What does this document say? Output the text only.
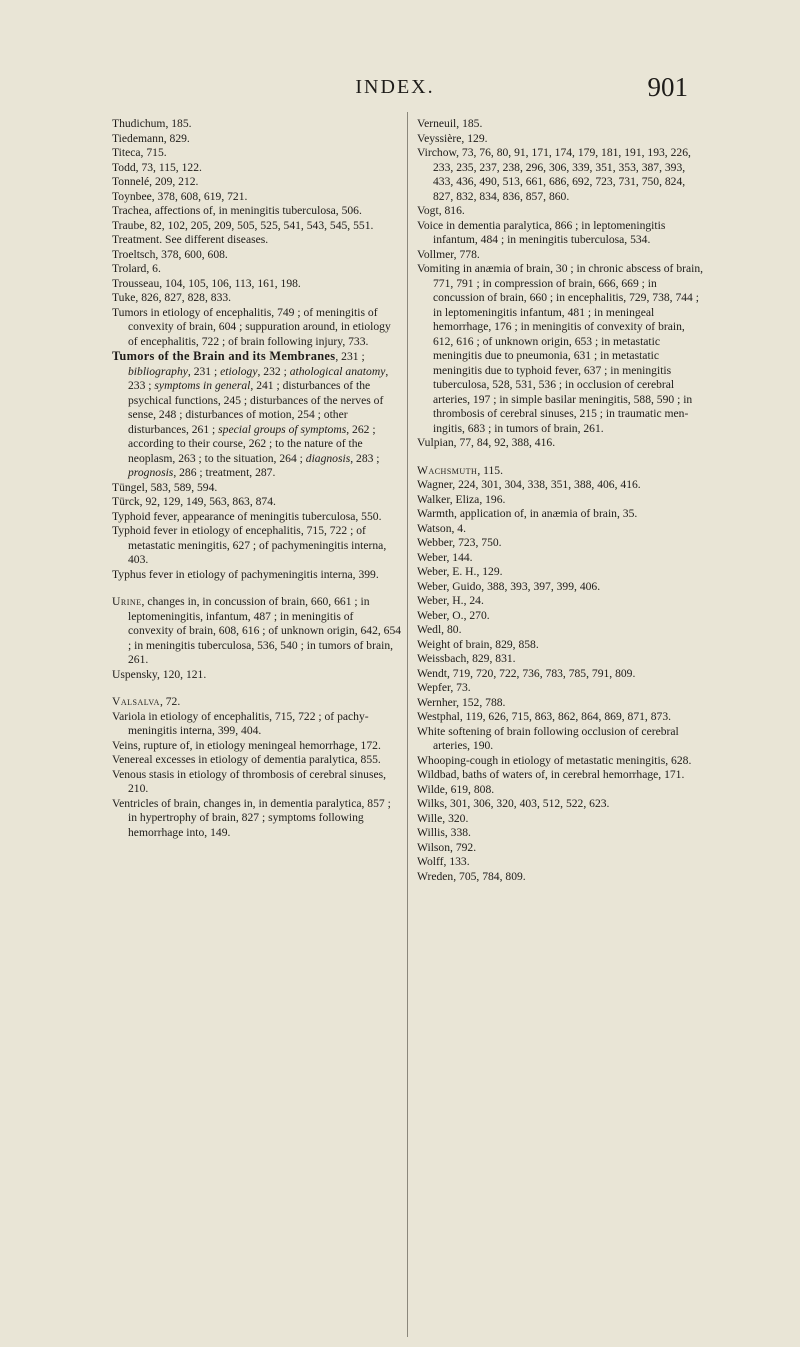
INDEX.	901
Thudichum, 185.
Tiedemann, 829.
Titeca, 715.
Todd, 73, 115, 122.
Tonnelé, 209, 212.
Toynbee, 378, 608, 619, 721.
Trachea, affections of, in meningitis tuberculosa, 506.
Traube, 82, 102, 205, 209, 505, 525, 541, 543, 545, 551.
Treatment. See different diseases.
Troeltsch, 378, 600, 608.
Trolard, 6.
Trousseau, 104, 105, 106, 113, 161, 198.
Tuke, 826, 827, 828, 833.
Tumors in etiology of encephalitis, 749 ; of meningitis of convexity of brain, 604 ; suppuration around, in etiology of encephalitis, 722 ; of brain following injury, 733.
Tumors of the Brain and its Membranes, 231 ; bibliography, 231 ; etiology, 232 ; athological anatomy, 233 ; symptoms in general, 241 ; disturbances of the psychical functions, 245 ; disturbances of the nerves of sense, 248 ; disturbances of motion, 254 ; other disturbances, 261 ; special groups of symptoms, 262 ; according to their course, 262 ; to the nature of the neoplasm, 263 ; to the situation, 264 ; diagnosis, 283 ; prognosis, 286 ; treatment, 287.
Tüngel, 583, 589, 594.
Türck, 92, 129, 149, 563, 863, 874.
Typhoid fever, appearance of meningitis tuberculosa, 550.
Typhoid fever in etiology of encephalitis, 715, 722 ; of metastatic meningitis, 627 ; of pachymeningitis interna, 403.
Typhus fever in etiology of pachymeningitis interna, 399.
Urine, changes in, in concussion of brain, 660, 661 ; in leptomeningitis, infantum, 487 ; in meningitis of convexity of brain, 608, 616 ; of unknown origin, 642, 654 ; in meningitis tuberculosa, 536, 540 ; in tumors of brain, 261.
Uspensky, 120, 121.
Valsalva, 72.
Variola in etiology of encephalitis, 715, 722 ; of pachymeningitis interna, 399, 404.
Veins, rupture of, in etiology meningeal hemorrhage, 172.
Venereal excesses in etiology of dementia paralytica, 855.
Venous stasis in etiology of thrombosis of cerebral sinuses, 210.
Ventricles of brain, changes in, in dementia paralytica, 857 ; in hypertrophy of brain, 827 ; symptoms following hemorrhage into, 149.
Verneuil, 185.
Veyssière, 129.
Virchow, 73, 76, 80, 91, 171, 174, 179, 181, 191, 193, 226, 233, 235, 237, 238, 296, 306, 339, 351, 353, 387, 393, 433, 436, 490, 513, 661, 686, 692, 723, 731, 750, 824, 827, 832, 834, 836, 857, 860.
Vogt, 816.
Voice in dementia paralytica, 866 ; in leptomeningitis infantum, 484 ; in meningitis tuberculosa, 534.
Vollmer, 778.
Vomiting in anæmia of brain, 30 ; in chronic abscess of brain, 771, 791 ; in compression of brain, 666, 669 ; in concussion of brain, 660 ; in encephalitis, 729, 738, 744 ; in leptomeningitis infantum, 481 ; in meningeal hemorrhage, 176 ; in meningitis of convexity of brain, 612, 616 ; of unknown origin, 653 ; in metastatic meningitis due to pneumonia, 631 ; in metastatic meningitis due to typhoid fever, 637 ; in meningitis tuberculosa, 528, 531, 536 ; in occlusion of cerebral arteries, 197 ; in simple basilar meningitis, 588, 590 ; in thrombosis of cerebral sinuses, 215 ; in traumatic meningitis, 683 ; in tumors of brain, 261.
Vulpian, 77, 84, 92, 388, 416.
Wachsmuth, 115.
Wagner, 224, 301, 304, 338, 351, 388, 406, 416.
Walker, Eliza, 196.
Warmth, application of, in anæmia of brain, 35.
Watson, 4.
Webber, 723, 750.
Weber, 144.
Weber, E. H., 129.
Weber, Guido, 388, 393, 397, 399, 406.
Weber, H., 24.
Weber, O., 270.
Wedl, 80.
Weight of brain, 829, 858.
Weissbach, 829, 831.
Wendt, 719, 720, 722, 736, 783, 785, 791, 809.
Wepfer, 73.
Wernher, 152, 788.
Westphal, 119, 626, 715, 863, 862, 864, 869, 871, 873.
White softening of brain following occlusion of cerebral arteries, 190.
Whooping-cough in etiology of metastatic meningitis, 628.
Wildbad, baths of waters of, in cerebral hemorrhage, 171.
Wilde, 619, 808.
Wilks, 301, 306, 320, 403, 512, 522, 623.
Wille, 320.
Willis, 338.
Wilson, 792.
Wolff, 133.
Wreden, 705, 784, 809.
